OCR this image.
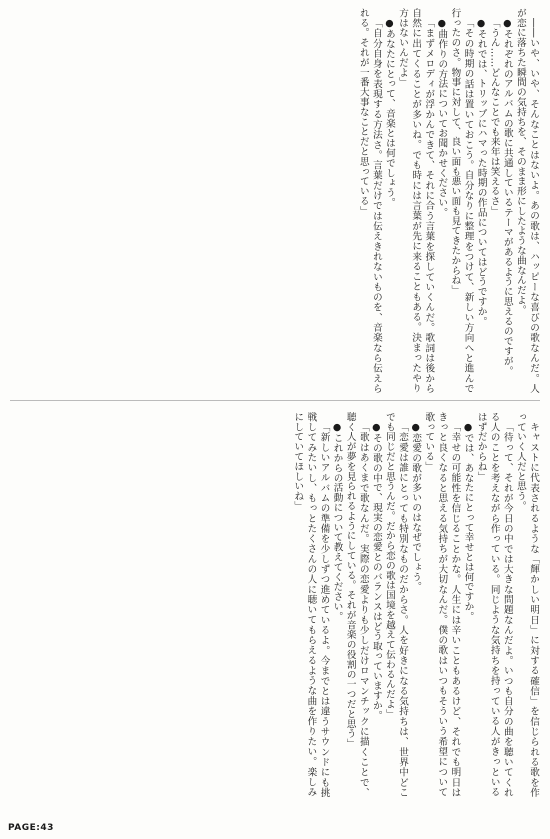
――いや、いや、そんなことはないよ。あの歌は、ハッピーな喜びの歌なんだ。人が恋に落ちた瞬間の気持ちを、そのまま形にしたような曲なんだよ。

●それぞれのアルバムの歌に共通しているテーマがあるように思えるのですが。

「うん……どんなことでも来年は笑えるさ」

●それでは、トリップにハマった時期の作品についてはどうですか。

「その時期の話は置いておこう。自分なりに整理をつけて、新しい方向へと進んで行ったのさ。物事に対して、良い面も悪い面も見てきたからね」

●曲作りの方法についてお聞かせください。

「まずメロディが浮かんできて、それに合う言葉を探していくんだ。歌詞は後から自然に出てくることが多いね。でも時には言葉が先に来ることもある。決まったやり方はないんだよ」

●あなたにとって、音楽とは何でしょう。

「自分自身を表現する方法さ。言葉だけでは伝えきれないものを、音楽なら伝えられる。それが一番大事なことだと思っている」

キャストに代表されるような「輝かしい明日」に対する確信」を信じられる歌を作っていく人だと思う。

「待って、それが今日の中では大きな問題なんだよ。いつも自分の曲を聴いてくれる人のことを考えながら作っている。同じような気持ちを持っている人がきっといるはずだからね」

●では、あなたにとって幸せとは何ですか。

「幸せの可能性を信じることかな。人生には辛いこともあるけど、それでも明日はきっと良くなると思える気持ちが大切なんだ。僕の歌はいつもそういう希望について歌っている」

●恋愛の歌が多いのはなぜでしょう。

「恋愛は誰にとっても特別なものだからさ。人を好きになる気持ちは、世界中どこでも同じだと思うんだ。だから恋の歌は国境を越えて伝わるんだよ」

●その歌の中で、現実の恋愛とのバランスはどう取っていますか。

「歌はあくまで歌なんだ。実際の恋愛よりも少しだけロマンチックに描くことで、聴く人が夢を見られるようにしている。それが音楽の役割の一つだと思う」

●これからの活動について教えてください。

「新しいアルバムの準備を少しずつ進めているよ。今までとは違うサウンドにも挑戦してみたいし、もっとたくさんの人に聴いてもらえるような曲を作りたい。楽しみにしていてほしいね」

PAGE:43
